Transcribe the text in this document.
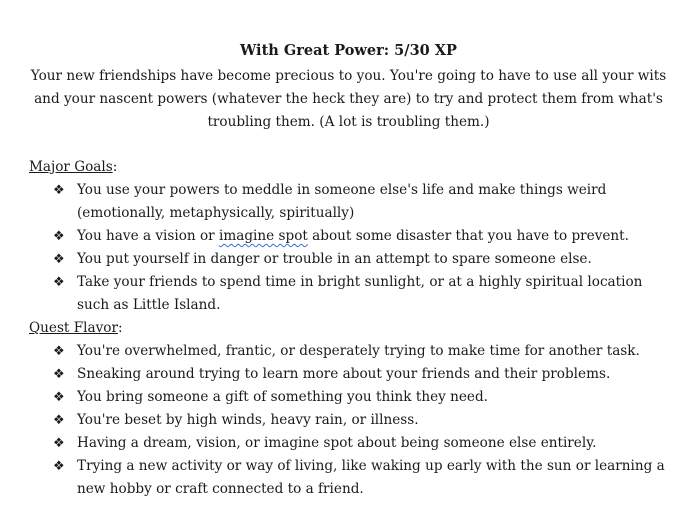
With Great Power: 5/30 XP
Your new friendships have become precious to you. You're going to have to use all your wits and your nascent powers (whatever the heck they are) to try and protect them from what's troubling them. (A lot is troubling them.)
Major Goals:
❖ You use your powers to meddle in someone else's life and make things weird (emotionally, metaphysically, spiritually)
❖ You have a vision or imagine spot about some disaster that you have to prevent.
❖ You put yourself in danger or trouble in an attempt to spare someone else.
❖ Take your friends to spend time in bright sunlight, or at a highly spiritual location such as Little Island.
Quest Flavor:
❖ You're overwhelmed, frantic, or desperately trying to make time for another task.
❖ Sneaking around trying to learn more about your friends and their problems.
❖ You bring someone a gift of something you think they need.
❖ You're beset by high winds, heavy rain, or illness.
❖ Having a dream, vision, or imagine spot about being someone else entirely.
❖ Trying a new activity or way of living, like waking up early with the sun or learning a new hobby or craft connected to a friend.
